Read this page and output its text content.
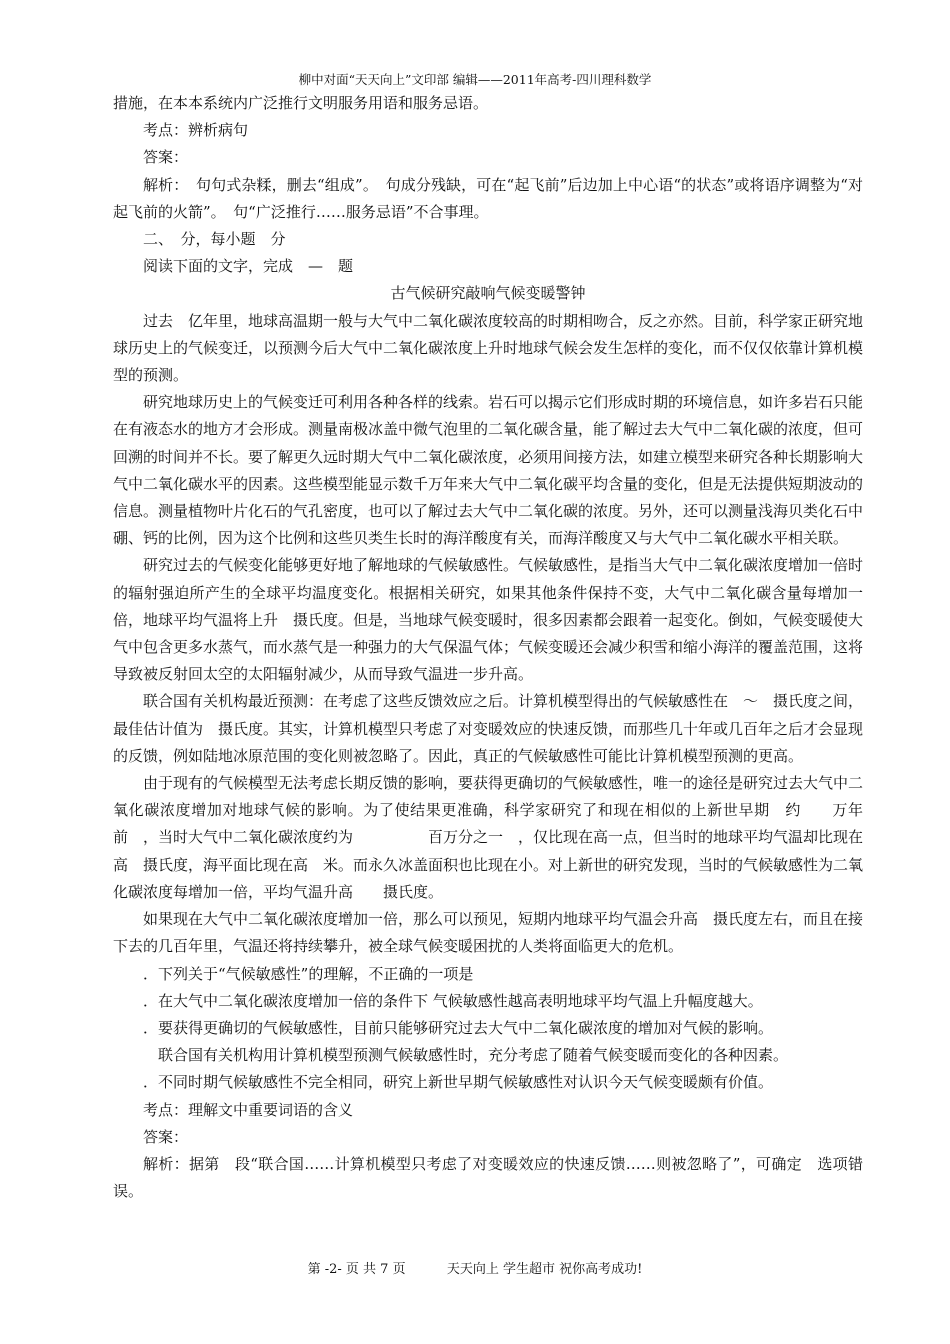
柳中对面“天天向上”文印部 编辑——2011年高考-四川理科数学

措施，在本本系统内广泛推行文明服务用语和服务忌语。

考点：辨析病句

答案：

解析：　句句式杂糅，删去“组成”。　句成分残缺，可在“起飞前”后边加上中心语“的状态”或将语序调整为“对起飞前的火箭”。　句“广泛推行……服务忌语”不合事理。

二、　分，每小题　分

阅读下面的文字，完成　—　题

古气候研究敲响气候变暖警钟

过去　亿年里，地球高温期一般与大气中二氧化碳浓度较高的时期相吻合，反之亦然。目前，科学家正研究地球历史上的气候变迁，以预测今后大气中二氧化碳浓度上升时地球气候会发生怎样的变化，而不仅仅依靠计算机模型的预测。

研究地球历史上的气候变迁可利用各种各样的线索。岩石可以揭示它们形成时期的环境信息，如许多岩石只能在有液态水的地方才会形成。测量南极冰盖中微气泡里的二氧化碳含量，能了解过去大气中二氧化碳的浓度，但可回溯的时间并不长。要了解更久远时期大气中二氧化碳浓度，必须用间接方法，如建立模型来研究各种长期影响大气中二氧化碳水平的因素。这些模型能显示数千万年来大气中二氧化碳平均含量的变化，但是无法提供短期波动的信息。测量植物叶片化石的气孔密度，也可以了解过去大气中二氧化碳的浓度。另外，还可以测量浅海贝类化石中硼、钙的比例，因为这个比例和这些贝类生长时的海洋酸度有关，而海洋酸度又与大气中二氧化碳水平相关联。

研究过去的气候变化能够更好地了解地球的气候敏感性。气候敏感性，是指当大气中二氧化碳浓度增加一倍时的辐射强迫所产生的全球平均温度变化。根据相关研究，如果其他条件保持不变，大气中二氧化碳含量每增加一倍，地球平均气温将上升　摄氏度。但是，当地球气候变暖时，很多因素都会跟着一起变化。倒如，气候变暖使大气中包含更多水蒸气，而水蒸气是一种强力的大气保温气体；气候变暖还会减少积雪和缩小海洋的覆盖范围，这将导致被反射回太空的太阳辐射减少，从而导致气温进一步升高。

联合国有关机构最近预测：在考虑了这些反馈效应之后。计算机模型得出的气候敏感性在　～　摄氏度之间，最佳估计值为　摄氏度。其实，计算机模型只考虑了对变暖效应的快速反馈，而那些几十年或几百年之后才会显现的反馈，例如陆地冰原范围的变化则被忽略了。因此，真正的气候敏感性可能比计算机模型预测的更高。

由于现有的气候模型无法考虑长期反馈的影响，要获得更确切的气候敏感性，唯一的途径是研究过去大气中二氧化碳浓度增加对地球气候的影响。为了使结果更准确，科学家研究了和现在相似的上新世早期　约　　万年前　，当时大气中二氧化碳浓度约为　　　　　百万分之一　，仅比现在高一点，但当时的地球平均气温却比现在高　摄氏度，海平面比现在高　米。而永久冰盖面积也比现在小。对上新世的研究发现，当时的气候敏感性为二氧化碳浓度每增加一倍，平均气温升高　　摄氏度。

如果现在大气中二氧化碳浓度增加一倍，那么可以预见，短期内地球平均气温会升高　摄氏度左右，而且在接下去的几百年里，气温还将持续攀升，被全球气候变暖困扰的人类将面临更大的危机。

．下列关于“气候敏感性”的理解，不正确的一项是

．在大气中二氧化碳浓度增加一倍的条件下 气候敏感性越高表明地球平均气温上升幅度越大。

．要获得更确切的气候敏感性，目前只能够研究过去大气中二氧化碳浓度的增加对气候的影响。

　联合国有关机构用计算机模型预测气候敏感性时，充分考虑了随着气候变暖而变化的各种因素。

．不同时期气候敏感性不完全相同，研究上新世早期气候敏感性对认识今天气候变暖颇有价值。

考点：理解文中重要词语的含义

答案：

解析：据第　段“联合国……计算机模型只考虑了对变暖效应的快速反馈……则被忽略了”，可确定　选项错误。

第 -2- 页 共 7 页          天天向上 学生超市 祝你高考成功!
